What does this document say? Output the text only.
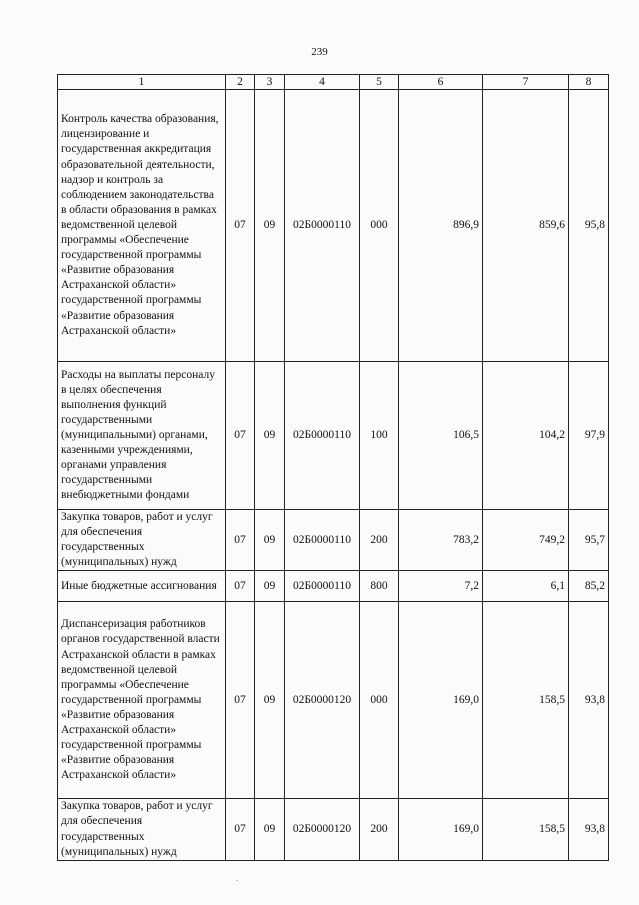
239
1	2	3	4	5	6	7	8
Контроль качества образования, лицензирование и государственная аккредитация образовательной деятельности, надзор и контроль за соблюдением законодательства в области образования в рамках ведомственной целевой программы «Обеспечение государственной программы «Развитие образования Астраханской области» государственной программы «Развитие образования Астраханской области»	07	09	02Б0000110	000	896,9	859,6	95,8
Расходы на выплаты персоналу в целях обеспечения выполнения функций государственными (муниципальными) органами, казенными учреждениями, органами управления государственными внебюджетными фондами	07	09	02Б0000110	100	106,5	104,2	97,9
Закупка товаров, работ и услуг для обеспечения государственных (муниципальных) нужд	07	09	02Б0000110	200	783,2	749,2	95,7
Иные бюджетные ассигнования	07	09	02Б0000110	800	7,2	6,1	85,2
Диспансеризация работников органов государственной власти Астраханской области в рамках ведомственной целевой программы «Обеспечение государственной программы «Развитие образования Астраханской области» государственной программы «Развитие образования Астраханской области»	07	09	02Б0000120	000	169,0	158,5	93,8
Закупка товаров, работ и услуг для обеспечения государственных (муниципальных) нужд	07	09	02Б0000120	200	169,0	158,5	93,8
